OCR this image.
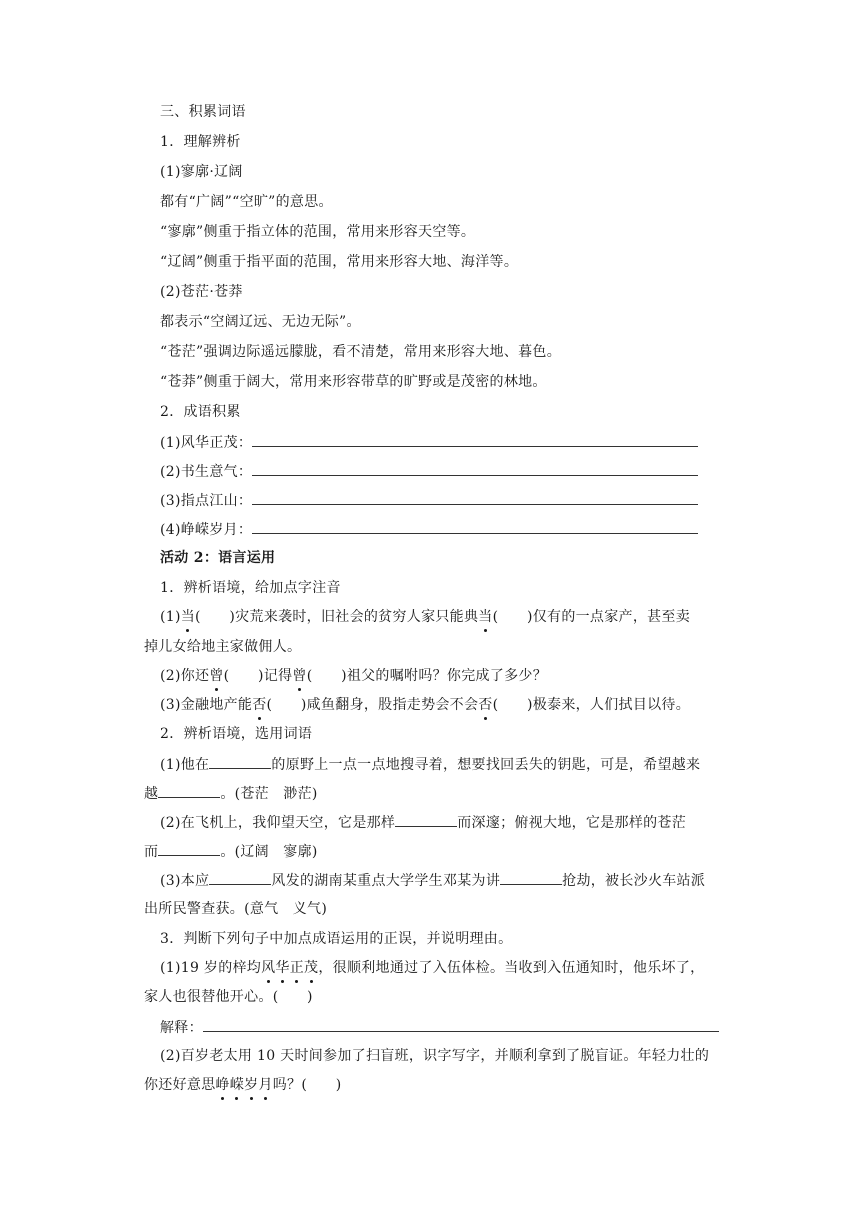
三、积累词语
1．理解辨析
(1)寥廓·辽阔
都有“广阔”“空旷”的意思。
“寥廓”侧重于指立体的范围，常用来形容天空等。
“辽阔”侧重于指平面的范围，常用来形容大地、海洋等。
(2)苍茫·苍莽
都表示“空阔辽远、无边无际”。
“苍茫”强调边际遥远朦胧，看不清楚，常用来形容大地、暮色。
“苍莽”侧重于阔大，常用来形容带草的旷野或是茂密的林地。
2．成语积累
(1)风华正茂：
(2)书生意气：
(3)指点江山：
(4)峥嵘岁月：
活动 2：语言运用
1．辨析语境，给加点字注音
(1)当(　　)灾荒来袭时，旧社会的贫穷人家只能典当(　　)仅有的一点家产，甚至卖
掉儿女给地主家做佣人。
(2)你还曾(　　)记得曾(　　)祖父的嘱咐吗？你完成了多少？
(3)金融地产能否(　　)咸鱼翻身，股指走势会不会否(　　)极泰来，人们拭目以待。
2．辨析语境，选用词语
(1)他在	的原野上一点一点地搜寻着，想要找回丢失的钥匙，可是，希望越来
越	。(苍茫　渺茫)
(2)在飞机上，我仰望天空，它是那样	而深邃；俯视大地，它是那样的苍茫
而	。(辽阔　寥廓)
(3)本应	风发的湖南某重点大学学生邓某为讲	抢劫，被长沙火车站派
出所民警查获。(意气　义气)
3．判断下列句子中加点成语运用的正误，并说明理由。
(1)19 岁的梓均风华正茂，很顺利地通过了入伍体检。当收到入伍通知时，他乐坏了，
家人也很替他开心。(　　)
解释：
(2)百岁老太用 10 天时间参加了扫盲班，识字写字，并顺利拿到了脱盲证。年轻力壮的
你还好意思峥嵘岁月吗？(　　)
